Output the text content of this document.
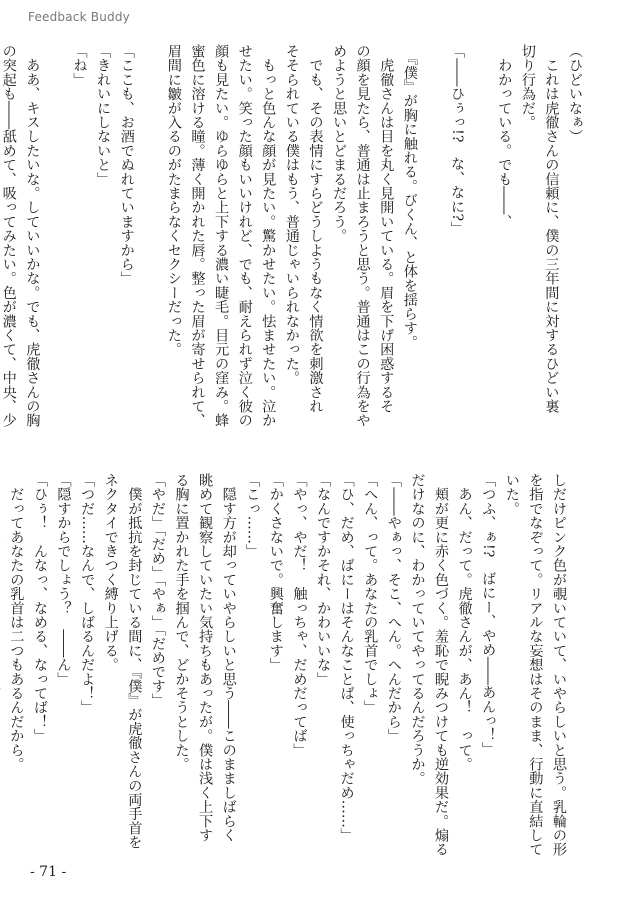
Feedback Buddy
（ひどいなぁ）
　これは虎徹さんの信頼に、僕の三年間に対するひどい裏
切り行為だ。
　わかっている。でも――、

「――ひぅっ!?　な、なに?」

　『僕』が胸に触れる。びくん、と体を揺らす。
　虎徹さんは目を丸く見開いている。眉を下げ困惑するそ
の顔を見たら、普通は止まろうと思う。普通はこの行為をや
めようと思いとどまるだろう。
　でも、その表情にすらどうしようもなく情欲を刺激され
そそられている僕はもう、普通じゃいられなかった。
　もっと色んな顔が見たい。驚かせたい。怯ませたい。泣か
せたい。笑った顔もいいけれど、でも、耐えられず泣く彼の
顔も見たい。ゆらゆらと上下する濃い睫毛。目元の窪み。蜂
蜜色に溶ける瞳。薄く開かれた唇。整った眉が寄せられて、
眉間に皺が入るのがたまらなくセクシーだった。

「ここも、お酒でぬれていますから」
「きれいにしないと」
「ね」

　ああ、キスしたいな。していいかな。でも、虎徹さんの胸
の突起も――舐めて、吸ってみたい。色が濃くて、中央、少
しだけピンク色が覗いていて、いやらしいと思う。乳輪の形
を指でなぞって。リアルな妄想はそのまま、行動に直結して
いた。
「つふ、ぁ!?　ばにー、やめ――あんっ！」
　あん、だって。虎徹さんが、あん！　って。
　頬が更に赤く色づく。羞恥で睨みつけても逆効果だ。煽る
だけなのに、わかっていてやってるんだろうか。
「――やぁっ、そこ、へん。へんだから」
「へん、って。あなたの乳首でしょ」
「ひ、だめ、ばにーはそんなことば、使っちゃだめ……」
「なんですかそれ、かわいいな」
「やっ、やだ！　触っちゃ、だめだってば」
「かくさないで。興奮します」
「こっ……」
　隠す方が却っていやらしいと思う――このまましばらく
眺めて観察していたい気持ちもあったが。僕は浅く上下す
る胸に置かれた手を掴んで、どかそうとした。
「やだ」「だめ」「やぁ」「だめです」
　僕が抵抗を封じている間に、『僕』が虎徹さんの両手首を
ネクタイできつく縛り上げる。
「つだ……なんで、しばるんだよ！」
「隠すからでしょう？　――ん」
「ひぅ！　んなっ、なめる、なってば！」
　だってあなたの乳首は二つもあるんだから。
- 71 -
